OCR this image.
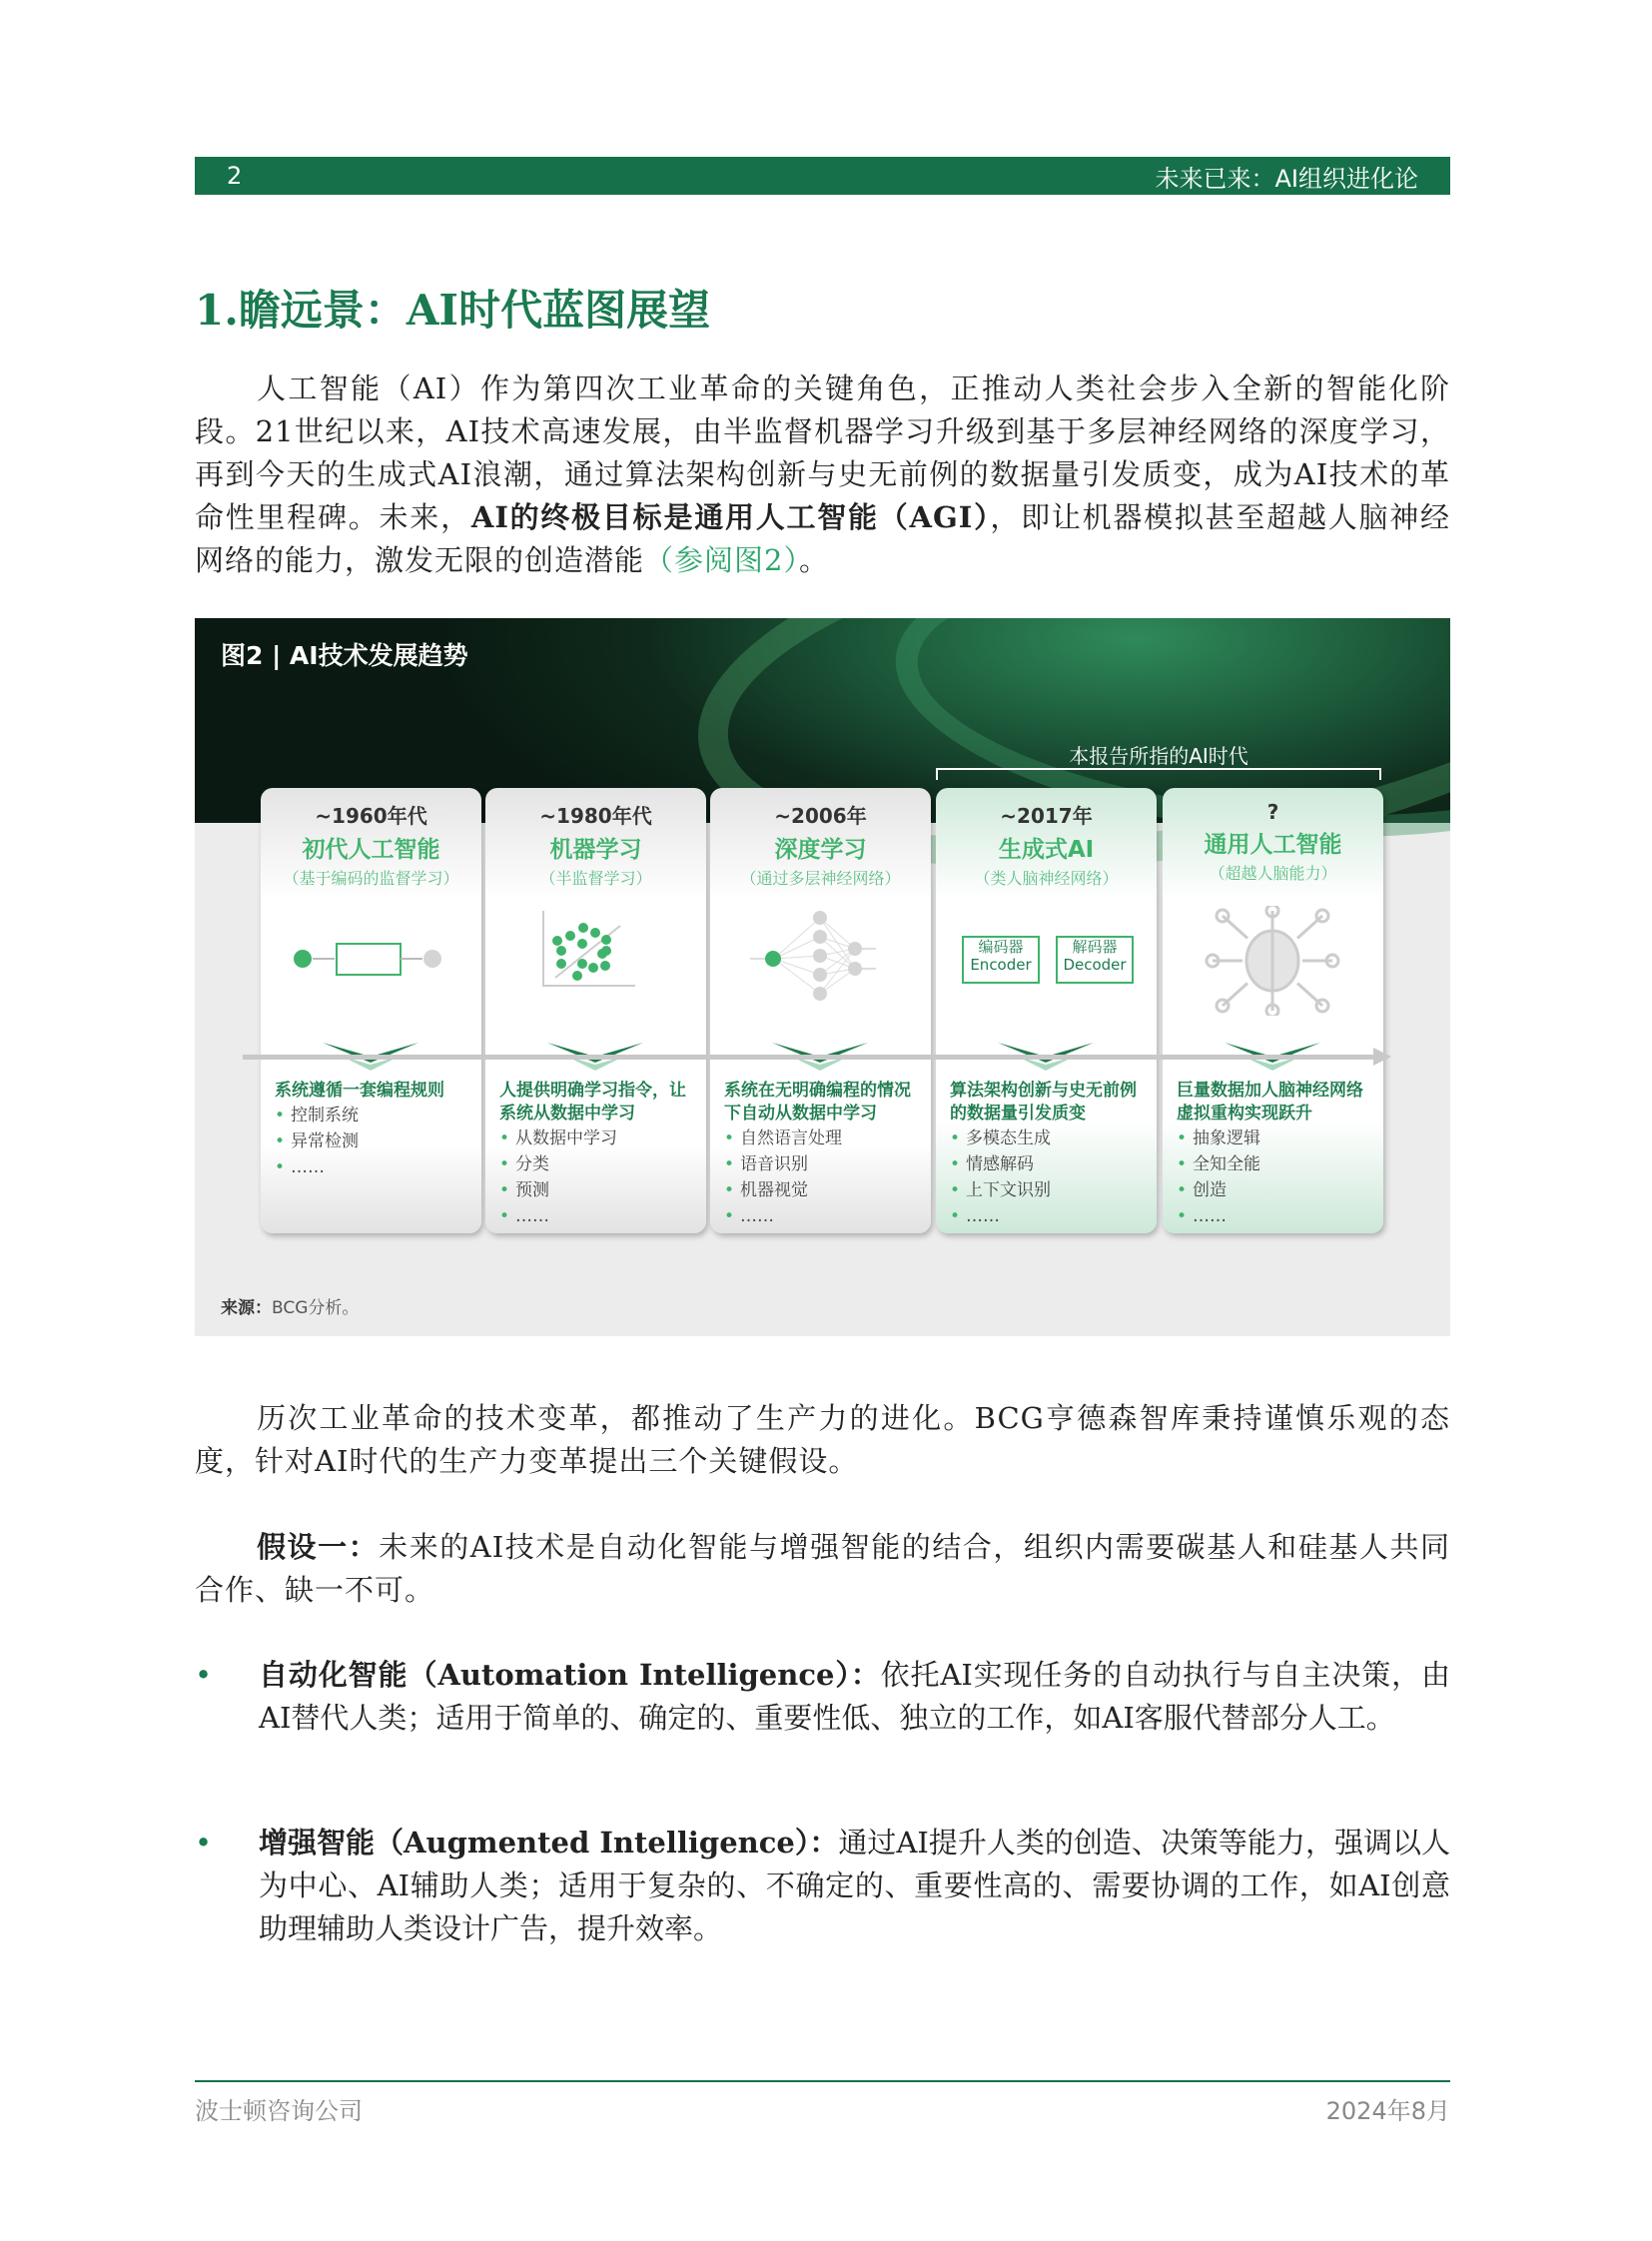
2	未来已来：AI组织进化论
1.瞻远景：AI时代蓝图展望
人工智能（AI）作为第四次工业革命的关键角色，正推动人类社会步入全新的智能化阶段。21世纪以来，AI技术高速发展，由半监督机器学习升级到基于多层神经网络的深度学习，再到今天的生成式AI浪潮，通过算法架构创新与史无前例的数据量引发质变，成为AI技术的革命性里程碑。未来，AI的终极目标是通用人工智能（AGI），即让机器模拟甚至超越人脑神经网络的能力，激发无限的创造潜能（参阅图2）。
图2 | AI技术发展趋势
本报告所指的AI时代
~1960年代
初代人工智能
（基于编码的监督学习）
系统遵循一套编程规则
• 控制系统
• 异常检测
• ……
~1980年代
机器学习
（半监督学习）
人提供明确学习指令，让系统从数据中学习
• 从数据中学习
• 分类
• 预测
• ……
~2006年
深度学习
（通过多层神经网络）
系统在无明确编程的情况下自动从数据中学习
• 自然语言处理
• 语音识别
• 机器视觉
• ……
~2017年
生成式AI
（类人脑神经网络）
编码器
Encoder
解码器
Decoder
算法架构创新与史无前例的数据量引发质变
• 多模态生成
• 情感解码
• 上下文识别
• ……
?
通用人工智能
（超越人脑能力）
巨量数据加人脑神经网络虚拟重构实现跃升
• 抽象逻辑
• 全知全能
• 创造
• ……
来源：BCG分析。
历次工业革命的技术变革，都推动了生产力的进化。BCG亨德森智库秉持谨慎乐观的态度，针对AI时代的生产力变革提出三个关键假设。
假设一：未来的AI技术是自动化智能与增强智能的结合，组织内需要碳基人和硅基人共同合作、缺一不可。
• 自动化智能（Automation Intelligence）：依托AI实现任务的自动执行与自主决策，由AI替代人类；适用于简单的、确定的、重要性低、独立的工作，如AI客服代替部分人工。
• 增强智能（Augmented Intelligence）：通过AI提升人类的创造、决策等能力，强调以人为中心、AI辅助人类；适用于复杂的、不确定的、重要性高的、需要协调的工作，如AI创意助理辅助人类设计广告，提升效率。
波士顿咨询公司	2024年8月
